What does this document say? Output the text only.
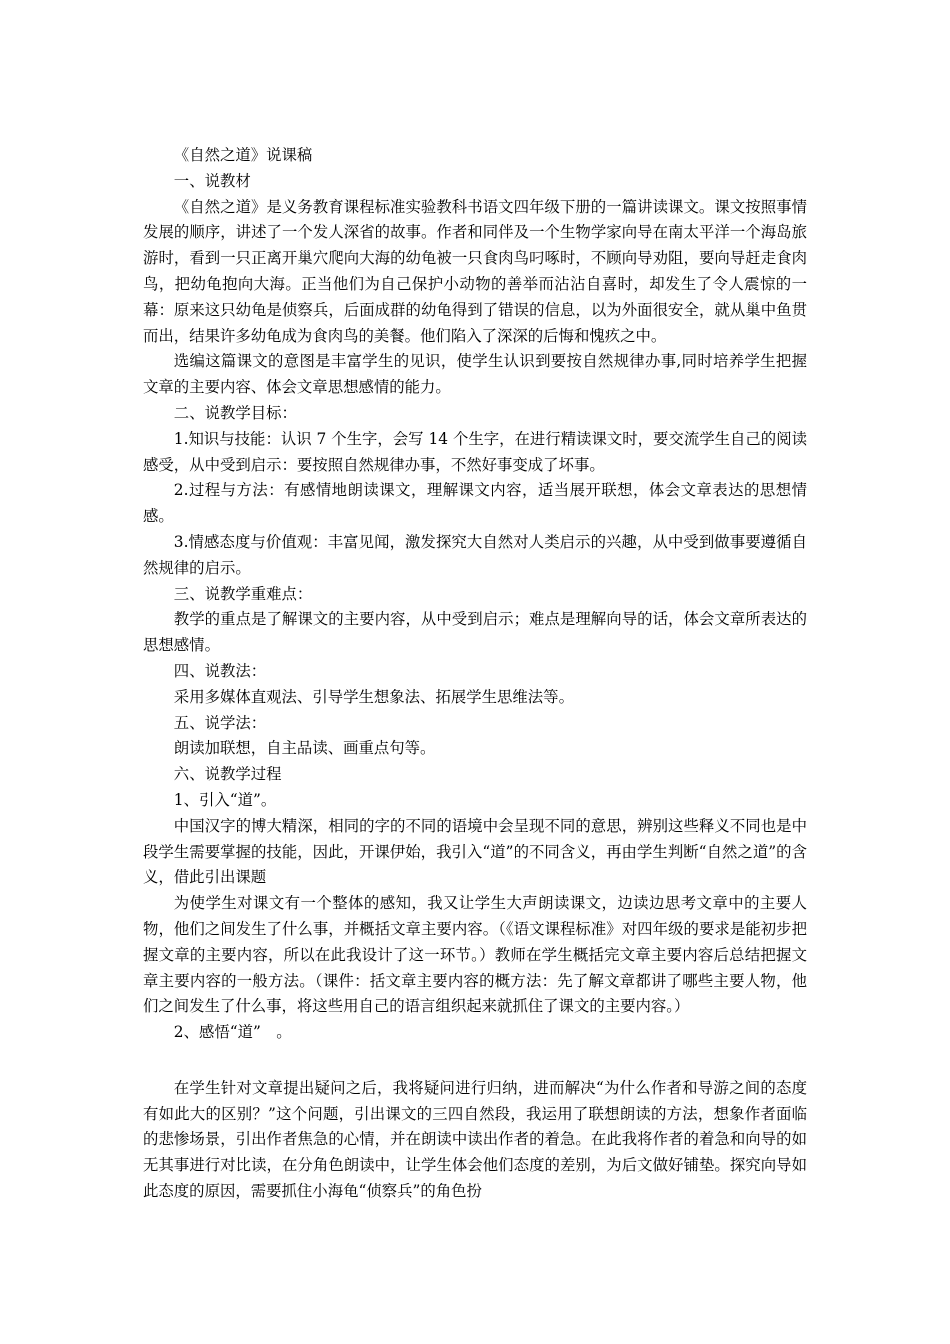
《自然之道》说课稿

一、说教材

《自然之道》是义务教育课程标准实验教科书语文四年级下册的一篇讲读课文。课文按照事情发展的顺序，讲述了一个发人深省的故事。作者和同伴及一个生物学家向导在南太平洋一个海岛旅游时，看到一只正离开巢穴爬向大海的幼龟被一只食肉鸟叼啄时，不顾向导劝阻，要向导赶走食肉鸟，把幼龟抱向大海。正当他们为自己保护小动物的善举而沾沾自喜时，却发生了令人震惊的一幕：原来这只幼龟是侦察兵，后面成群的幼龟得到了错误的信息，以为外面很安全，就从巢中鱼贯而出，结果许多幼龟成为食肉鸟的美餐。他们陷入了深深的后悔和愧疚之中。

选编这篇课文的意图是丰富学生的见识，使学生认识到要按自然规律办事,同时培养学生把握文章的主要内容、体会文章思想感情的能力。

二、说教学目标：

1.知识与技能：认识 7 个生字，会写 14 个生字，在进行精读课文时，要交流学生自己的阅读感受，从中受到启示：要按照自然规律办事，不然好事变成了坏事。

2.过程与方法：有感情地朗读课文，理解课文内容，适当展开联想，体会文章表达的思想情感。

3.情感态度与价值观：丰富见闻，激发探究大自然对人类启示的兴趣，从中受到做事要遵循自然规律的启示。

三、说教学重难点：

教学的重点是了解课文的主要内容，从中受到启示；难点是理解向导的话，体会文章所表达的思想感情。

四、说教法：

采用多媒体直观法、引导学生想象法、拓展学生思维法等。

五、说学法：

朗读加联想，自主品读、画重点句等。

六、说教学过程

1、引入“道”。

中国汉字的博大精深，相同的字的不同的语境中会呈现不同的意思，辨别这些释义不同也是中段学生需要掌握的技能，因此，开课伊始，我引入“道”的不同含义，再由学生判断“自然之道”的含义，借此引出课题

为使学生对课文有一个整体的感知，我又让学生大声朗读课文，边读边思考文章中的主要人物，他们之间发生了什么事，并概括文章主要内容。（《语文课程标准》对四年级的要求是能初步把握文章的主要内容，所以在此我设计了这一环节。）教师在学生概括完文章主要内容后总结把握文章主要内容的一般方法。（课件：括文章主要内容的概方法：先了解文章都讲了哪些主要人物，他们之间发生了什么事，将这些用自己的语言组织起来就抓住了课文的主要内容。）

2、感悟“道”　。

在学生针对文章提出疑问之后，我将疑问进行归纳，进而解决“为什么作者和导游之间的态度有如此大的区别？”这个问题，引出课文的三四自然段，我运用了联想朗读的方法，想象作者面临的悲惨场景，引出作者焦急的心情，并在朗读中读出作者的着急。在此我将作者的着急和向导的如无其事进行对比读，在分角色朗读中，让学生体会他们态度的差别，为后文做好铺垫。探究向导如此态度的原因，需要抓住小海龟“侦察兵”的角色扮
